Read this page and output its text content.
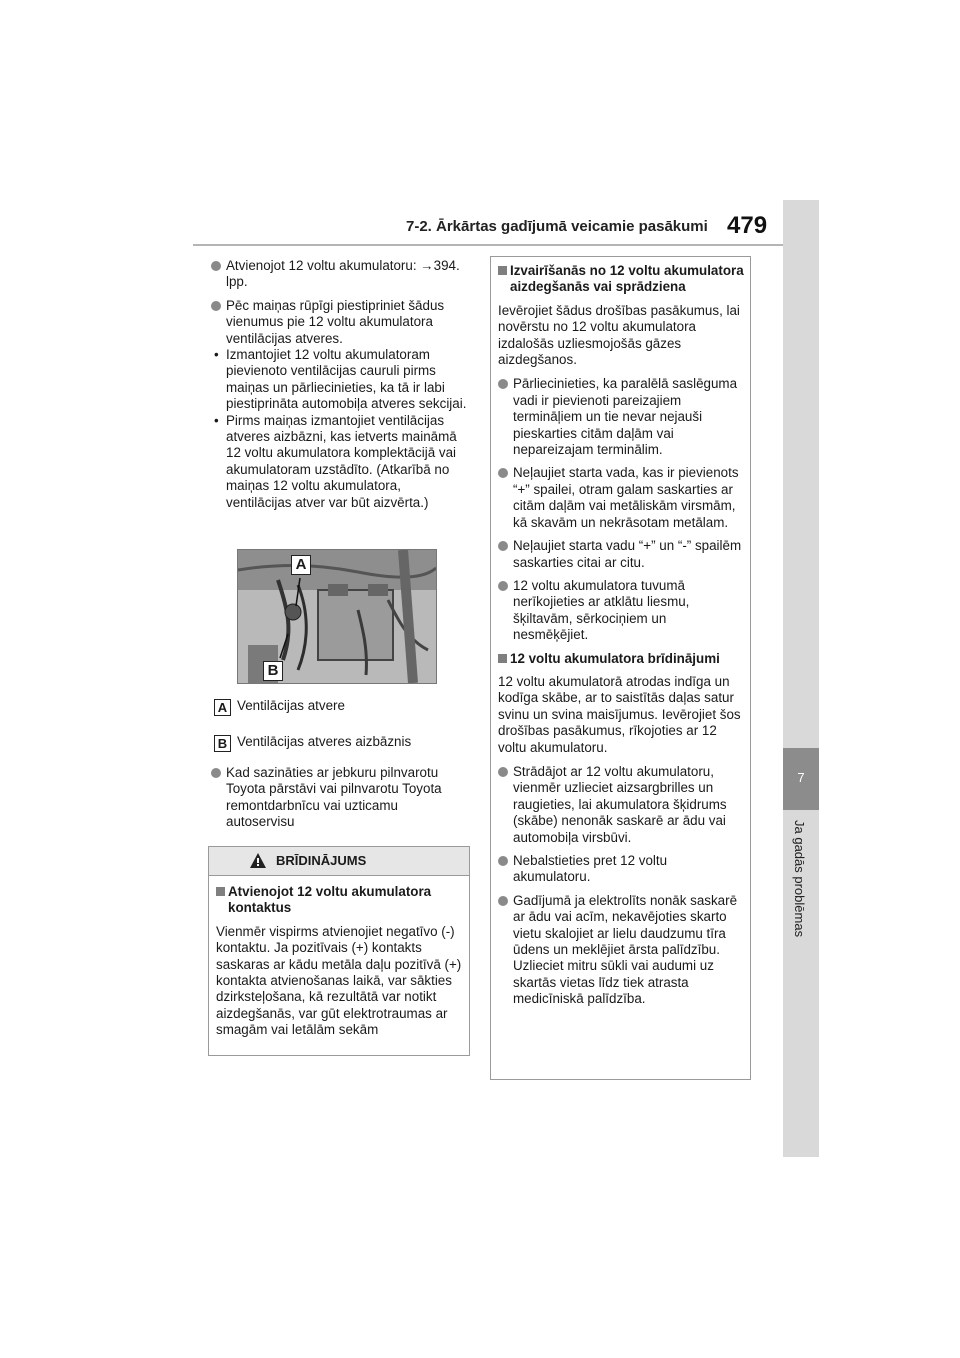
7-2. Ārkārtas gadījumā veicamie pasākumi 479
7
Ja gadās problēmas

Atvienojot 12 voltu akumulatoru: →394. lpp.

Pēc maiņas rūpīgi piestipriniet šādus vienumus pie 12 voltu akumulatora ventilācijas atveres.

• Izmantojiet 12 voltu akumulatoram pievienoto ventilācijas cauruli pirms maiņas un pārliecinieties, ka tā ir labi piestiprināta automobiļa atveres sekcijai.

• Pirms maiņas izmantojiet ventilācijas atveres aizbāzni, kas ietverts maināmā 12 voltu akumulatora komplektācijā vai akumulatoram uzstādīto. (Atkarībā no maiņas 12 voltu akumulatora, ventilācijas atver var būt aizvērta.)

A
B
A Ventilācijas atvere
B Ventilācijas atveres aizbāznis

Kad sazināties ar jebkuru pilnvarotu Toyota pārstāvi vai pilnvarotu Toyota remontdarbnīcu vai uzticamu autoservisu

BRĪDINĀJUMS

Atvienojot 12 voltu akumulatora kontaktus

Vienmēr vispirms atvienojiet negatīvo (-) kontaktu. Ja pozitīvais (+) kontakts saskaras ar kādu metāla daļu pozitīvā (+) kontakta atvienošanas laikā, var sākties dzirksteļošana, kā rezultātā var notikt aizdegšanās, var gūt elektrotraumas ar smagām vai letālām sekām

Izvairīšanās no 12 voltu akumulatora aizdegšanās vai sprādziena

Ievērojiet šādus drošības pasākumus, lai novērstu no 12 voltu akumulatora izdalošās uzliesmojošās gāzes aizdegšanos.

Pārliecinieties, ka paralēlā saslēguma vadi ir pievienoti pareizajiem termināļiem un tie nevar nejauši pieskarties citām daļām vai nepareizajam terminālim.

Neļaujiet starta vada, kas ir pievienots “+” spailei, otram galam saskarties ar citām daļām vai metāliskām virsmām, kā skavām un nekrāsotam metālam.

Neļaujiet starta vadu “+” un “-” spailēm saskarties citai ar citu.

12 voltu akumulatora tuvumā nerīkojieties ar atklātu liesmu, šķiltavām, sērkociņiem un nesmēķējiet.

12 voltu akumulatora brīdinājumi

12 voltu akumulatorā atrodas indīga un kodīga skābe, ar to saistītās daļas satur svinu un svina maisījumus. Ievērojiet šos drošības pasākumus, rīkojoties ar 12 voltu akumulatoru.

Strādājot ar 12 voltu akumulatoru, vienmēr uzlieciet aizsargbrilles un raugieties, lai akumulatora šķidrums (skābe) nenonāk saskarē ar ādu vai automobiļa virsbūvi.

Nebalstieties pret 12 voltu akumulatoru.

Gadījumā ja elektrolīts nonāk saskarē ar ādu vai acīm, nekavējoties skarto vietu skalojiet ar lielu daudzumu tīra ūdens un meklējiet ārsta palīdzību. Uzlieciet mitru sūkli vai audumi uz skartās vietas līdz tiek atrasta medicīniskā palīdzība.
